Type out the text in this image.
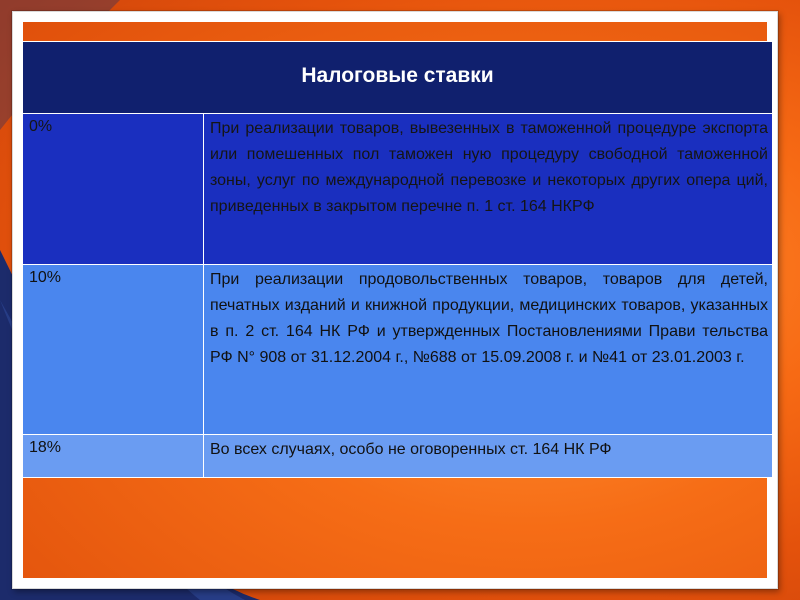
Налоговые ставки	
0%	При реализации товаров, вывезенных в таможенной процедуре экспорта или помешенных пол таможен ную процедуру свободной таможенной зоны, услуг по международной перевозке и некоторых других опера ций, приведенных в закрытом перечне п. 1 ст. 164 НКРФ
10%	При реализации продовольственных товаров, товаров для детей, печатных изданий и книжной продукции, медицинских товаров, указанных в п. 2 ст. 164 НК РФ и утвержденных Постановлениями Прави тельства РФ N° 908 от 31.12.2004 г., №688 от 15.09.2008 г. и №41 от 23.01.2003 г.
18%	Во всех случаях, особо не оговоренных ст. 164 НК РФ
